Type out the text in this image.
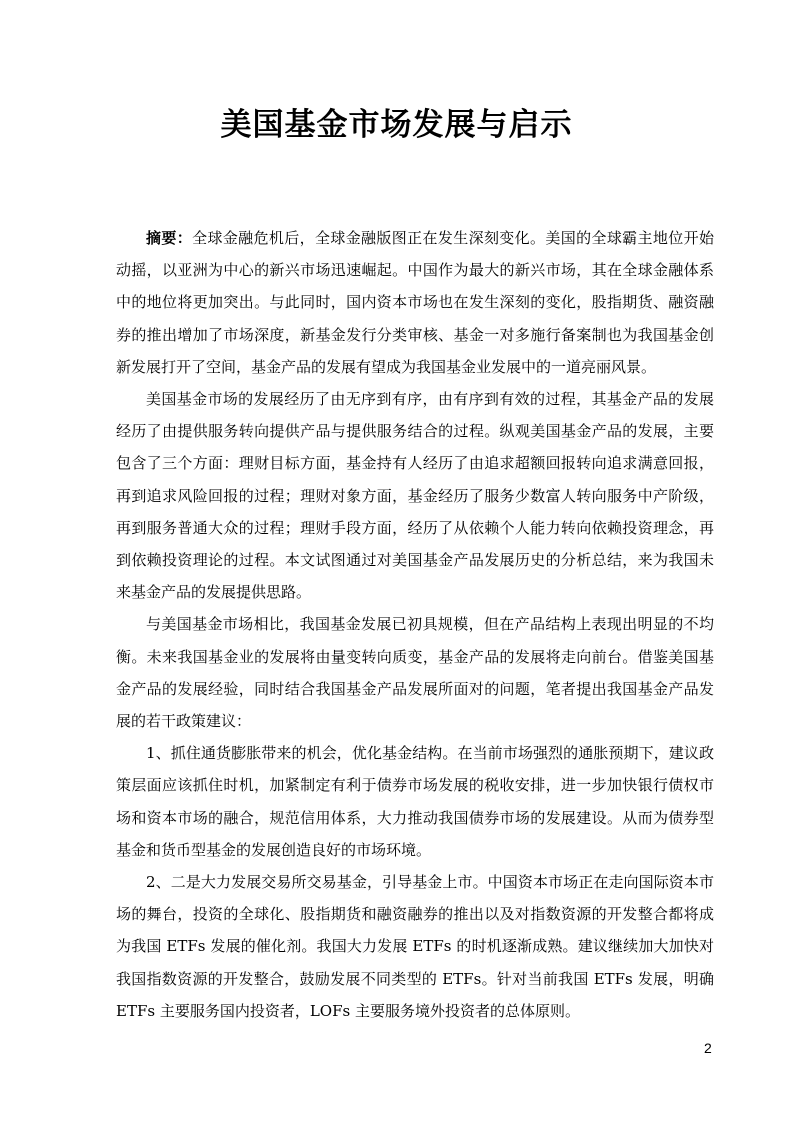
美国基金市场发展与启示

摘要：全球金融危机后，全球金融版图正在发生深刻变化。美国的全球霸主地位开始动摇，以亚洲为中心的新兴市场迅速崛起。中国作为最大的新兴市场，其在全球金融体系中的地位将更加突出。与此同时，国内资本市场也在发生深刻的变化，股指期货、融资融券的推出增加了市场深度，新基金发行分类审核、基金一对多施行备案制也为我国基金创新发展打开了空间，基金产品的发展有望成为我国基金业发展中的一道亮丽风景。

美国基金市场的发展经历了由无序到有序，由有序到有效的过程，其基金产品的发展经历了由提供服务转向提供产品与提供服务结合的过程。纵观美国基金产品的发展，主要包含了三个方面：理财目标方面，基金持有人经历了由追求超额回报转向追求满意回报，再到追求风险回报的过程；理财对象方面，基金经历了服务少数富人转向服务中产阶级，再到服务普通大众的过程；理财手段方面，经历了从依赖个人能力转向依赖投资理念，再到依赖投资理论的过程。本文试图通过对美国基金产品发展历史的分析总结，来为我国未来基金产品的发展提供思路。

与美国基金市场相比，我国基金发展已初具规模，但在产品结构上表现出明显的不均衡。未来我国基金业的发展将由量变转向质变，基金产品的发展将走向前台。借鉴美国基金产品的发展经验，同时结合我国基金产品发展所面对的问题，笔者提出我国基金产品发展的若干政策建议：

1、抓住通货膨胀带来的机会，优化基金结构。在当前市场强烈的通胀预期下，建议政策层面应该抓住时机，加紧制定有利于债券市场发展的税收安排，进一步加快银行债权市场和资本市场的融合，规范信用体系，大力推动我国债券市场的发展建设。从而为债券型基金和货币型基金的发展创造良好的市场环境。

2、二是大力发展交易所交易基金，引导基金上市。中国资本市场正在走向国际资本市场的舞台，投资的全球化、股指期货和融资融券的推出以及对指数资源的开发整合都将成为我国 ETFs 发展的催化剂。我国大力发展 ETFs 的时机逐渐成熟。建议继续加大加快对我国指数资源的开发整合，鼓励发展不同类型的 ETFs。针对当前我国 ETFs 发展，明确 ETFs 主要服务国内投资者，LOFs 主要服务境外投资者的总体原则。

2
